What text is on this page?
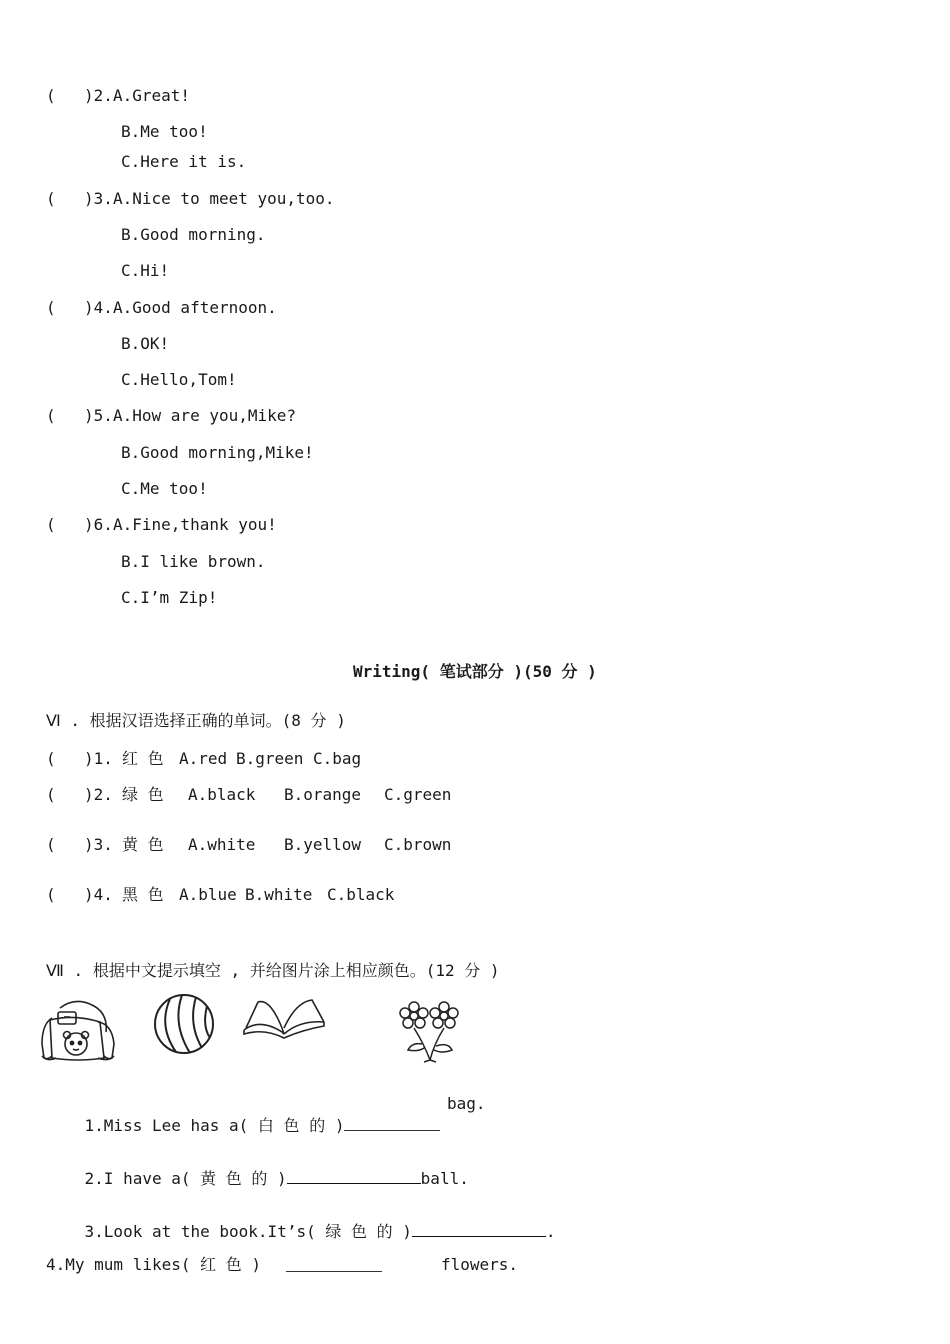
( )2. A.Great!
B.Me too!
C.Here it is.
( )3. A.Nice to meet you,too.
B.Good morning.
C.Hi!
( )4. A.Good afternoon.
B.OK!
C.Hello,Tom!
( )5. A.How are you,Mike?
B.Good morning,Mike!
C.Me too!
( )6. A.Fine,thank you!
B.I like brown.
C.I’m Zip!
Writing( 笔试部分 )(50 分 )
Ⅵ . 根据汉语选择正确的单词。(8 分 )
( )1. 红 色 A.red B.green C.bag
( )2. 绿 色 A.black B.orange C.green
( )3. 黄 色 A.white B.yellow C.brown
( )4. 黑 色 A.blue B.white C.black
Ⅶ . 根据中文提示填空 , 并给图片涂上相应颜色。(12 分 )

1.Miss Lee has a( 白 色 的 )

bag.

2.I have a( 黄 色 的 )	ball.

3.Look at the book.It’s( 绿 色 的 )	.

4.My mum likes( 红 色 )	flowers.
